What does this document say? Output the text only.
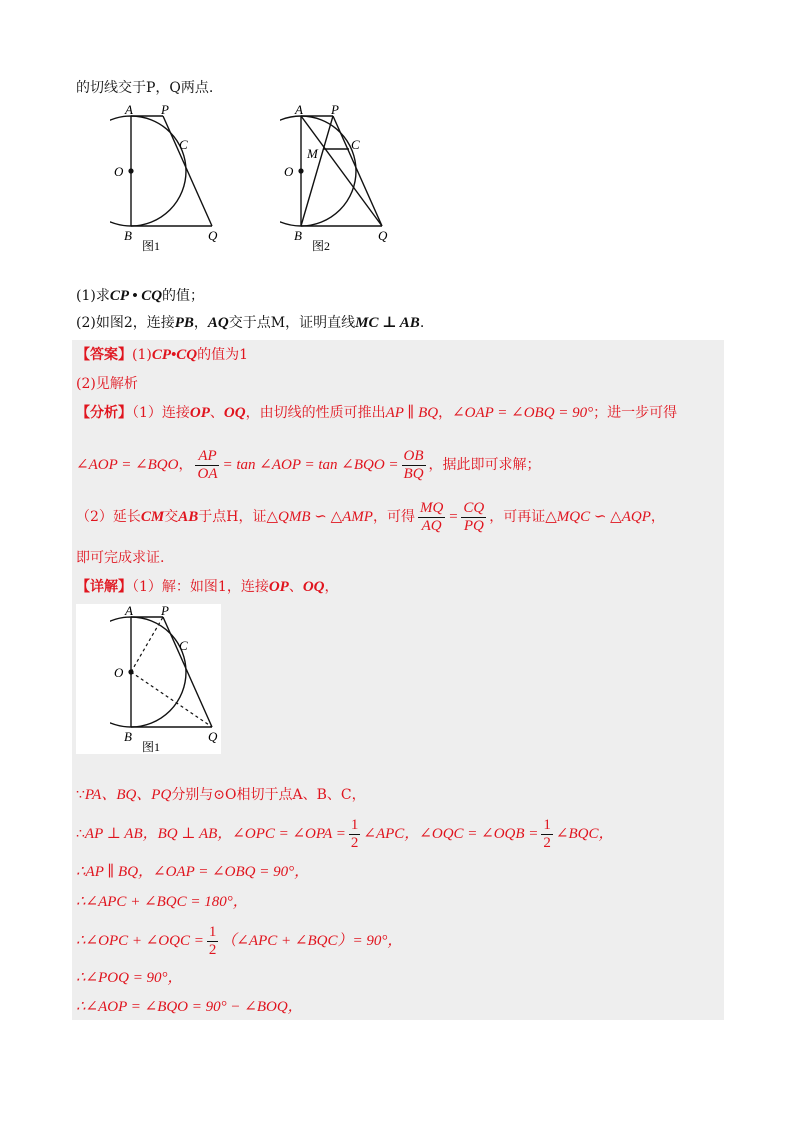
的切线交于P，Q两点.
A P
C
O
B	Q
图1
A P
M
C
O
B	Q
图2
(1)求CP • CQ的值；
(2)如图2，连接PB，AQ交于点M，证明直线MC ⊥ AB.
【答案】(1)CP•CQ的值为1
(2)见解析
【分析】（1）连接OP、OQ，由切线的性质可推出AP ∥ BQ，∠OAP = ∠OBQ = 90°；进一步可得
∠AOP = ∠BQO， $\frac{AP}{OA} = \tan$ ∠AOP = tan ∠BQO = $\frac{OB}{BQ}$ ，据此即可求解；
（2）延长CM交AB于点H，证△QMB ∽ △AMP，可得 $\frac{MQ}{AQ} = \frac{CQ}{PQ}$ ，可再证△MQC ∽ △AQP，
即可完成求证.
【详解】（1）解：如图1，连接OP、OQ，
A P
C
O
B	Q
图1
∵PA、BQ、PQ分别与⊙O相切于点A、B、C，
∴AP ⊥ AB，BQ ⊥ AB，∠OPC = ∠OPA = $\frac{1}{2}$ ∠APC，∠OQC = ∠OQB = $\frac{1}{2}$ ∠BQC，
∴AP ∥ BQ，∠OAP = ∠OBQ = 90°，
∴∠APC + ∠BQC = 180°，
∴∠OPC + ∠OQC = $\frac{1}{2}$ （∠APC + ∠BQC）= 90°，
∴∠POQ = 90°，
∴∠AOP = ∠BQO = 90° − ∠BOQ，
